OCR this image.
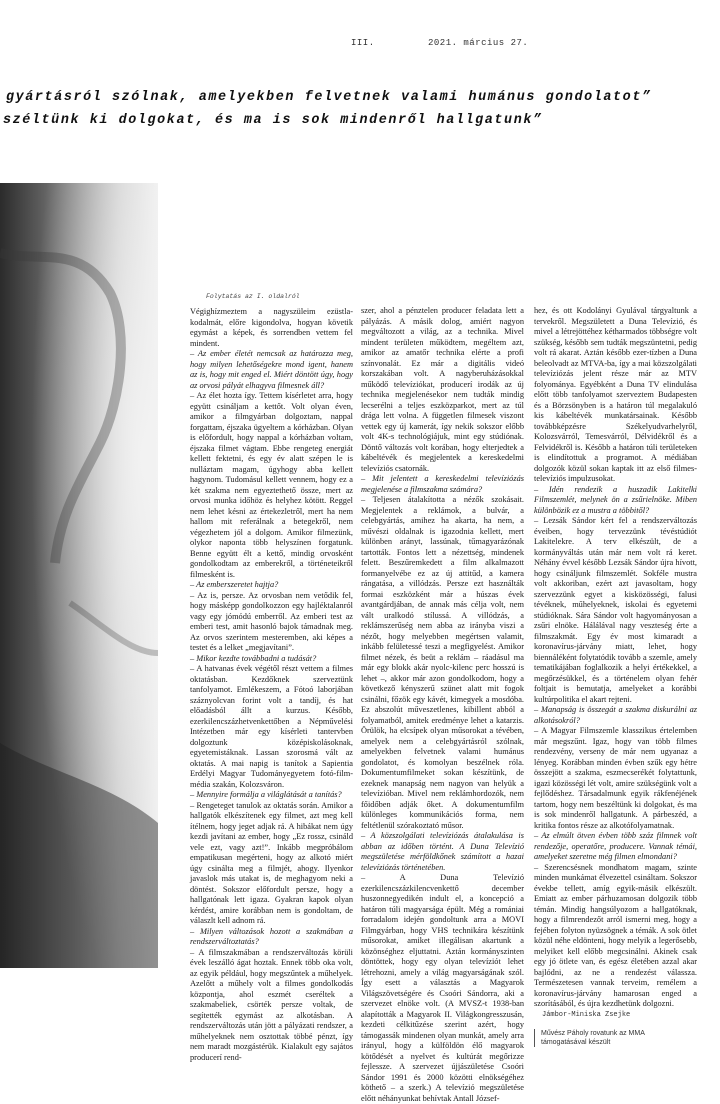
III.	2021. március 27.
gyártásról szólnak, amelyekben felvetnek valami humánus gondolatot”
széltünk ki dolgokat, és ma is sok mindenről hallgatunk”
Folytatás az I. oldalról

Végighízmeztem a nagyszüleim ezüstla-kodalmát, előre kigondolva, hogyan követik egymást a képek, és sorrendben vettem fel mindent.

– Az ember életét nemcsak az határozza meg, hogy milyen lehetőségekre mond igent, hanem az is, hogy mit enged el. Miért döntött úgy, hogy az orvosi pályát elhagyva filmesnek áll?

– Az élet hozta így. Tettem kísérletet arra, hogy együtt csináljam a kettőt. Volt olyan éven, amikor a filmgyárban dolgoztam, nappal forgattam, éjszaka ügyeltem a kórházban. Olyan is előfordult, hogy nappal a kórházban voltam, éjszaka filmet vágtam. Ebbe rengeteg energiát kellett fektetni, és egy év alatt szépen le is nulláztam magam, úgyhogy abba kellett hagynom. Tudomásul kellett vennem, hogy ez a két szakma nem egyeztethető össze, mert az orvosi munka időhöz és helyhez kötött. Reggel nem lehet késni az értekezletről, mert ha nem hallom mit referálnak a betegekről, nem végezhetem jól a dolgom. Amikor filmezünk, olykor naponta több helyszínen forgatunk. Benne együtt élt a kettő, mindig orvosként gondolkodtam az emberekről, a történeteikről filmesként is.

– Az emberszeretet hajtja?

– Az is, persze. Az orvosban nem vetődik fel, hogy másképp gondolkozzon egy hajléktalanról vagy egy jómódú emberről. Az emberi test az emberi test, amit hasonló bajok támadnak meg. Az orvos szerintem mesteremben, aki képes a testet és a lelket „megjavítani”.

– Mikor kezdte továbbadni a tudását?

– A hatvanas évek végétől részt vettem a filmes oktatásban. Kezdőknek szerveztünk tanfolyamot. Emlékeszem, a Fótoó laborjában száznyolcvan forint volt a tandíj, és hat előadásból állt a kurzus. Később, ezerkilencszázhetvenkettőben a Népművelési Intézetben már egy kísérleti tantervben dolgoztunk középiskolásoknak, egyetemistáknak. Lassan szorosmá vált az oktatás. A mai napig is tanítok a Sapientia Erdélyi Magyar Tudományegyetem fotó-film-média szakán, Kolozsváron.

– Mennyire formálja a világlátását a tanítás?

– Rengeteget tanulok az oktatás során. Amikor a hallgatók elkészítenek egy filmet, azt meg kell ítélnem, hogy jeget adjak rá. A hibákat nem úgy kezdi javítani az ember, hogy „Ez rossz, csináld vele ezt, vagy azt!”. Inkább megpróbálom empatikusan megérteni, hogy az alkotó miért úgy csinálta meg a filmjét, ahogy. Ilyenkor javaslok más utakat is, de meghagyom neki a döntést. Sokszor előfordult persze, hogy a hallgatónak lett igaza. Gyakran kapok olyan kérdést, amire korábban nem is gondoltam, de válaszlt kell adnom rá.

– Milyen változások hozott a szakmában a rendszerváltoztatás?

– A filmszakmában a rendszerváltozás körüli évek leszálló ágat hoztak. Ennek több oka volt, az egyik például, hogy megszűntek a műhelyek. Azelőtt a műhely volt a filmes gondolkodás központja, ahol eszmét cseréltek a szakmabeliek, csörték persze voltak, de segítették egymást az alkotásban. A rendszerváltozás után jött a pályázati rendszer, a műhelyeknek nem osztottak többé pénzt, így nem maradt mozgástérük. Kialakult egy sajátos producerí rend-

szer, ahol a pénztelen producer feladata lett a pályázás. A másik dolog, amiért nagyon megváltozott a világ, az a technika. Mivel mindent területen működtem, megéltem azt, amikor az amatőr technika elérte a profi színvonalát. Ez már a digitális videó korszakában volt. A nagyberuházásokkal működő televíziókat, producerí irodák az új technika megjelenésekor nem tudták mindig lecserélni a teljes eszközparkot, mert az túl drága lett volna. A független filmesek viszont vettek egy új kamerát, így nekik sokszor előbb volt 4K-s technológiájuk, mint egy stúdiónak. Döntő változás volt korában, hogy elterjedtek a kábeltévék és megjelentek a kereskedelmi televíziós csatornák.

– Mit jelentett a kereskedelmi televíziózás megjelenése a filmszakma számára?

– Teljesen átalakította a nézők szokásait. Megjelentek a reklámok, a bulvár, a celebgyártás, amihez ha akarta, ha nem, a művészi oldalnak is igazodnia kellett, mert különben arányt, lassúnak, tűmagyarázónak tartották. Fontos lett a nézettség, mindenek felett. Beszűremkedett a film alkalmazott formanyelvébe ez az új attitűd, a kamera rángatása, a villódzás. Persze ezt használták formai eszközként már a húszas évek avantgárdjában, de annak más célja volt, nem vált uralkodó stílussá. A villódzás, a reklámszerűség nem abba az irányba viszi a nézőt, hogy melyebben megértsen valamit, inkább felületessé teszi a megfigyelést. Amikor filmet nézek, és beüt a reklám – ráadásul ma már egy blokk akár nyolc-kilenc perc hosszú is lehet –, akkor már azon gondolkodom, hogy a következő kényszerű szünet alatt mit fogok csinálni, főzök egy kávét, kimegyek a mosdóba. Ez abszolút műveszetlenes, kibillent abból a folyamatból, amitek eredménye lehet a katarzis. Örülök, ha elcsípek olyan műsorokat a tévében, amelyek nem a celebgyártásról szólnak, amelyekben felvetnek valami humánus gondolatot, és komolyan beszélnek róla. Dokumentumfilmeket sokan készítünk, de ezeknek manapság nem nagyon van helyük a televízióban. Mivel nem reklámhordozók, nem főidőben adják őket. A dokumentumfilm különleges kommunikációs forma, nem feltétlenül szórakoztató műsor.

– A közszolgálati televíziózás átalakulása is abban az időben történt. A Duna Televízió megszületése mérföldkőnek számított a hazai televíziózás történetében.

– A Duna Televízió ezerkilencszázkilencvenkettő december huszonnegyedikén indult el, a koncepció a határon túli magyarsága épült. Még a romániai forradalom idején gondoltunk arra a MOVI Filmgyárban, hogy VHS technikára készítünk műsorokat, amiket illegálisan akartunk a közönséghez eljuttatni. Aztán kormányszinten döntöttek, hogy egy olyan televíziót lehet létrehozni, amely a világ magyarságának szól. Így esett a választás a Magyarok Világszövetségére és Csoóri Sándorra, aki a szervezet elnöke volt. (A MVSZ-t 1938-ban alapították a Magyarok II. Világkongresszusán, kezdeti célkitűzése szerint azért, hogy támogassák mindenen olyan munkát, amely arra irányul, hogy a külföldön élő magyarok kötődését a nyelvet és kultúrát megőrizze fejlessze. A szervezet újjászületése Csoóri Sándor 1991 és 2000 közötti elnökségéhez köthető – a szerk.) A televízió megszületése előtt néhányunkat behívtak Antall József-

hez, és ott Kodolányi Gyulával tárgyaltunk a tervekről. Megszületett a Duna Televízió, és mivel a létrejöttéhez kétharmados többségre volt szükség, később sem tudták megszüntetni, pedig volt rá akarat. Aztán később ezer-tízben a Duna beleolvadt az MTVA-ba, így a mai közszolgálati televíziózás jelent része már az MTV folyománya. Egyébként a Duna TV elindulása előtt több tanfolyamot szerveztem Budapesten és a Börzsönyben is a határon túl megalakuló kis kábeltévék munkatársainak. Később továbbképzésre Székelyudvarhelyről, Kolozsvárról, Temesvárról, Délvidékről és a Felvidékről is. Később a határon túli területeken is elindítottuk a programot. A médiában dolgozók közül sokan kaptak itt az első filmes-televíziós impulzusokat.

– Idén rendezik a huszadik Lakitelki Filmszemlét, melynek ön a zsűrielnöke. Miben különbözik ez a mustra a többitől?

– Lezsák Sándor kért fel a rendszerváltozás éveiben, hogy tervezzünk tévéstúdiót Lakitelekre. A terv elkészült, de a kormányváltás után már nem volt rá keret. Néhány évvel később Lezsák Sándor újra hívott, hogy csináljunk filmszemlét. Sokféle mustra volt akkoriban, ezért azt javasoltam, hogy szervezzünk egyet a kisközösségi, falusi tévéknek, műhelyeknek, iskolai és egyetemi stúdióknak. Sára Sándor volt hagyományosan a zsűri elnöke. Hálálával nagy veszteség érte a filmszakmát. Egy év most kimaradt a koronavírus-járvány miatt, lehet, hogy biennáléként folytatódik tovább a szemle, amely tematikájában foglalkozik a helyi értékekkel, a megőrzésükkel, és a történelem olyan fehér foltjait is bemutatja, amelyeket a korábbi kultúrpolitika el akart rejteni.

– Manapság is összegát a szakma diskurálni az alkotásokról?

– A Magyar Filmszemle klasszikus értelemben már megszűnt. Igaz, hogy van több filmes rendezvény, verseny de már nem ugyanaz a lényeg. Korábban minden évben szűk egy hétre összejött a szakma, eszmecserékét folytattunk, igazi közösségi lét volt, amire szükségünk volt a fejlődéshez. Társadalmunk egyik rákfenéjének tartom, hogy nem beszéltünk ki dolgokat, és ma is sok mindenről hallgatunk. A párbeszéd, a kritika fontos része az alkotófolyamatnak.

– Az elmúlt ötven évben több száz filmnek volt rendezője, operatőre, producere. Vannak témái, amelyeket szeretne még filmen elmondani?

– Szerencsésnek mondhatom magam, szinte minden munkámat élvezettel csináltam. Sokszor évekbe tellett, amíg egyik-másik elkészült. Emiatt az ember párhuzamosan dolgozik több témán. Mindig hangsúlyozom a hallgatóknak, hogy a filmrendezőt arról ismerni meg, hogy a fejében folyton nyüzsögnek a témák. A sok ötlet közül néhe eldönteni, hogy melyik a legerősebb, melyiket kell előbb megcsinálni. Akinek csak egy jó ötlete van, és egész életében azzal akar bajlódni, az ne a rendezést válassza. Természetesen vannak terveim, remélem a koronavírus-járvány hamarosan enged a szorításából, és újra kezdhetünk dolgozni.

Jámbor-Miniska Zsejke
Művész Páholy rovatunk az MMA támogatásával készült
